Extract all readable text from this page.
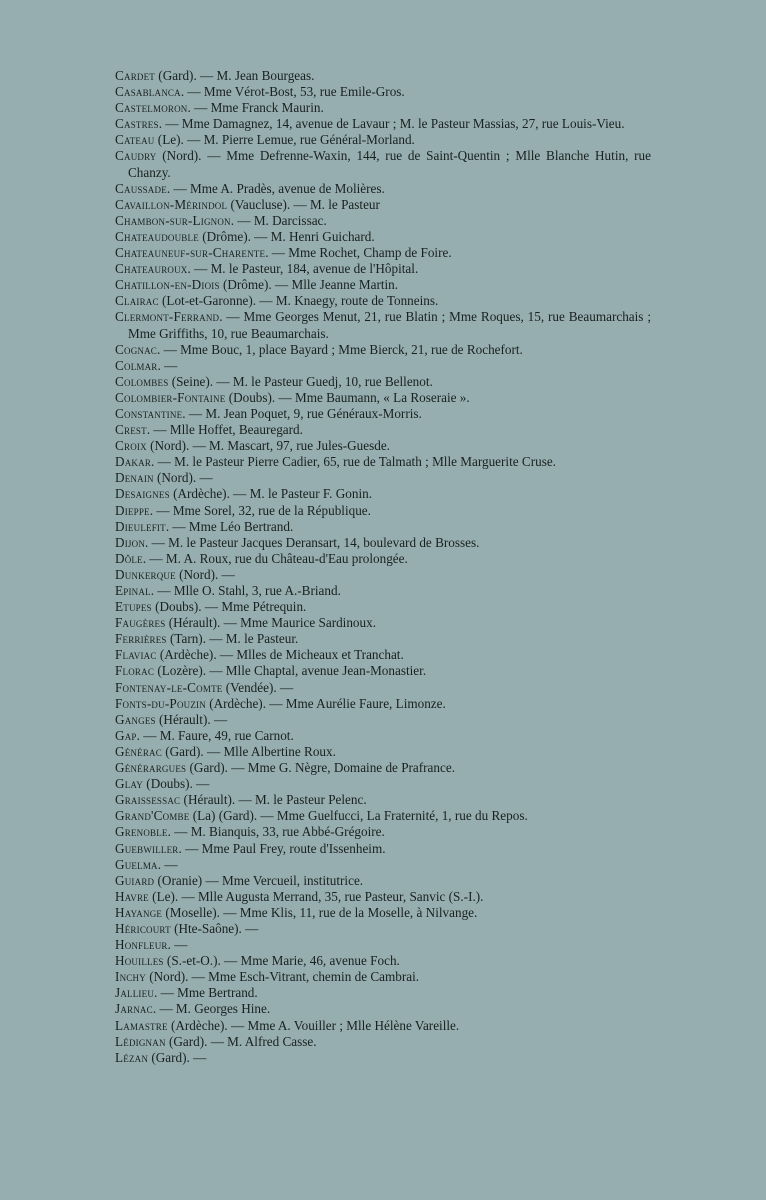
Cardet (Gard). — M. Jean Bourgeas.

Casablanca. — Mme Vérot-Bost, 53, rue Emile-Gros.

Castelmoron. — Mme Franck Maurin.

Castres. — Mme Damagnez, 14, avenue de Lavaur ; M. le Pasteur Massias, 27, rue Louis-Vieu.

Cateau (Le). — M. Pierre Lemue, rue Général-Morland.

Caudry (Nord). — Mme Defrenne-Waxin, 144, rue de Saint-Quentin ; Mlle Blanche Hutin, rue Chanzy.

Caussade. — Mme A. Pradès, avenue de Molières.

Cavaillon-Mérindol (Vaucluse). — M. le Pasteur

Chambon-sur-Lignon. — M. Darcissac.

Chateaudouble (Drôme). — M. Henri Guichard.

Chateauneuf-sur-Charente. — Mme Rochet, Champ de Foire.

Chateauroux. — M. le Pasteur, 184, avenue de l'Hôpital.

Chatillon-en-Diois (Drôme). — Mlle Jeanne Martin.

Clairac (Lot-et-Garonne). — M. Knaegy, route de Tonneins.

Clermont-Ferrand. — Mme Georges Menut, 21, rue Blatin ; Mme Roques, 15, rue Beaumarchais ; Mme Griffiths, 10, rue Beaumarchais.

Cognac. — Mme Bouc, 1, place Bayard ; Mme Bierck, 21, rue de Rochefort.

Colmar. —

Colombes (Seine). — M. le Pasteur Guedj, 10, rue Bellenot.

Colombier-Fontaine (Doubs). — Mme Baumann, « La Roseraie ».

Constantine. — M. Jean Poquet, 9, rue Généraux-Morris.

Crest. — Mlle Hoffet, Beauregard.

Croix (Nord). — M. Mascart, 97, rue Jules-Guesde.

Dakar. — M. le Pasteur Pierre Cadier, 65, rue de Talmath ; Mlle Marguerite Cruse.

Denain (Nord). —

Desaignes (Ardèche). — M. le Pasteur F. Gonin.

Dieppe. — Mme Sorel, 32, rue de la République.

Dieulefit. — Mme Léo Bertrand.

Dijon. — M. le Pasteur Jacques Deransart, 14, boulevard de Brosses.

Dôle. — M. A. Roux, rue du Château-d'Eau prolongée.

Dunkerque (Nord). —

Epinal. — Mlle O. Stahl, 3, rue A.-Briand.

Etupes (Doubs). — Mme Pétrequin.

Faugères (Hérault). — Mme Maurice Sardinoux.

Ferrières (Tarn). — M. le Pasteur.

Flaviac (Ardèche). — Mlles de Micheaux et Tranchat.

Florac (Lozère). — Mlle Chaptal, avenue Jean-Monastier.

Fontenay-le-Comte (Vendée). —

Fonts-du-Pouzin (Ardèche). — Mme Aurélie Faure, Limonze.

Ganges (Hérault). —

Gap. — M. Faure, 49, rue Carnot.

Générac (Gard). — Mlle Albertine Roux.

Générargues (Gard). — Mme G. Nègre, Domaine de Prafrance.

Glay (Doubs). —

Graissessac (Hérault). — M. le Pasteur Pelenc.

Grand'Combe (La) (Gard). — Mme Guelfucci, La Fraternité, 1, rue du Repos.

Grenoble. — M. Bianquis, 33, rue Abbé-Grégoire.

Guebwiller. — Mme Paul Frey, route d'Issenheim.

Guelma. —

Guiard (Oranie) — Mme Vercueil, institutrice.

Havre (Le). — Mlle Augusta Merrand, 35, rue Pasteur, Sanvic (S.-I.).

Hayange (Moselle). — Mme Klis, 11, rue de la Moselle, à Nilvange.

Héricourt (Hte-Saône). —

Honfleur. —

Houilles (S.-et-O.). — Mme Marie, 46, avenue Foch.

Inchy (Nord). — Mme Esch-Vitrant, chemin de Cambrai.

Jallieu. — Mme Bertrand.

Jarnac. — M. Georges Hine.

Lamastre (Ardèche). — Mme A. Vouiller ; Mlle Hélène Vareille.

Lédignan (Gard). — M. Alfred Casse.

Lézan (Gard). —
